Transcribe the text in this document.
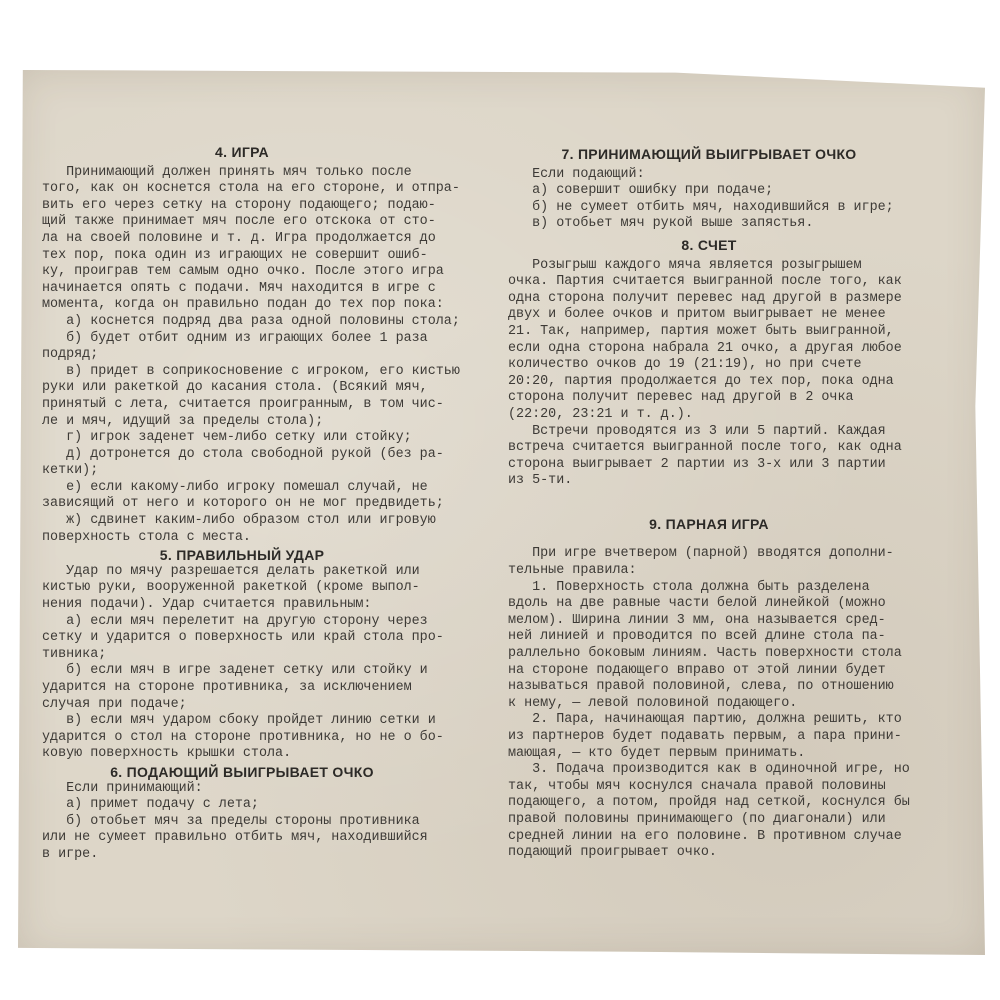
4. ИГРА
Принимающий должен принять мяч только после
того, как он коснется стола на его стороне, и отпра-
вить его через сетку на сторону подающего; подаю-
щий также принимает мяч после его отскока от сто-
ла на своей половине и т. д. Игра продолжается до
тех пор, пока один из играющих не совершит ошиб-
ку, проиграв тем самым одно очко. После этого игра
начинается опять с подачи. Мяч находится в игре с
момента, когда он правильно подан до тех пор пока:
а) коснется подряд два раза одной половины стола;
б) будет отбит одним из играющих более 1 раза
подряд;
в) придет в соприкосновение с игроком, его кистью
руки или ракеткой до касания стола. (Всякий мяч,
принятый с лета, считается проигранным, в том чис-
ле и мяч, идущий за пределы стола);
г) игрок заденет чем-либо сетку или стойку;
д) дотронется до стола свободной рукой (без ра-
кетки);
е) если какому-либо игроку помешал случай, не
зависящий от него и которого он не мог предвидеть;
ж) сдвинет каким-либо образом стол или игровую
поверхность стола с места.
5. ПРАВИЛЬНЫЙ УДАР
Удар по мячу разрешается делать ракеткой или
кистью руки, вооруженной ракеткой (кроме выпол-
нения подачи). Удар считается правильным:
а) если мяч перелетит на другую сторону через
сетку и ударится о поверхность или край стола про-
тивника;
б) если мяч в игре заденет сетку или стойку и
ударится на стороне противника, за исключением
случая при подаче;
в) если мяч ударом сбоку пройдет линию сетки и
ударится о стол на стороне противника, но не о бо-
ковую поверхность крышки стола.
6. ПОДАЮЩИЙ ВЫИГРЫВАЕТ ОЧКО
Если принимающий:
а) примет подачу с лета;
б) отобьет мяч за пределы стороны противника
или не сумеет правильно отбить мяч, находившийся
в игре.
7. ПРИНИМАЮЩИЙ ВЫИГРЫВАЕТ ОЧКО
Если подающий:
а) совершит ошибку при подаче;
б) не сумеет отбить мяч, находившийся в игре;
в) отобьет мяч рукой выше запястья.
8. СЧЕТ
Розыгрыш каждого мяча является розыгрышем
очка. Партия считается выигранной после того, как
одна сторона получит перевес над другой в размере
двух и более очков и притом выигрывает не менее
21. Так, например, партия может быть выигранной,
если одна сторона набрала 21 очко, а другая любое
количество очков до 19 (21:19), но при счете
20:20, партия продолжается до тех пор, пока одна
сторона получит перевес над другой в 2 очка
(22:20, 23:21 и т. д.).
Встречи проводятся из 3 или 5 партий. Каждая
встреча считается выигранной после того, как одна
сторона выигрывает 2 партии из 3-х или 3 партии
из 5-ти.
9. ПАРНАЯ ИГРА
При игре вчетвером (парной) вводятся дополни-
тельные правила:
1. Поверхность стола должна быть разделена
вдоль на две равные части белой линейкой (можно
мелом). Ширина линии 3 мм, она называется сред-
ней линией и проводится по всей длине стола па-
раллельно боковым линиям. Часть поверхности стола
на стороне подающего вправо от этой линии будет
называться правой половиной, слева, по отношению
к нему, — левой половиной подающего.
2. Пара, начинающая партию, должна решить, кто
из партнеров будет подавать первым, а пара прини-
мающая, — кто будет первым принимать.
3. Подача производится как в одиночной игре, но
так, чтобы мяч коснулся сначала правой половины
подающего, а потом, пройдя над сеткой, коснулся бы
правой половины принимающего (по диагонали) или
средней линии на его половине. В противном случае
подающий проигрывает очко.
